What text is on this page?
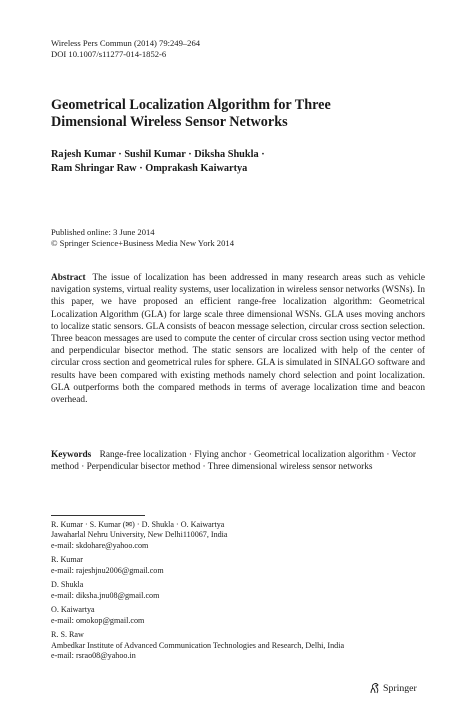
Wireless Pers Commun (2014) 79:249–264
DOI 10.1007/s11277-014-1852-6
Geometrical Localization Algorithm for Three
Dimensional Wireless Sensor Networks
Rajesh Kumar · Sushil Kumar · Diksha Shukla ·
Ram Shringar Raw · Omprakash Kaiwartya
Published online: 3 June 2014
© Springer Science+Business Media New York 2014
Abstract The issue of localization has been addressed in many research areas such as vehicle navigation systems, virtual reality systems, user localization in wireless sensor networks (WSNs). In this paper, we have proposed an efficient range-free localization algorithm: Geometrical Localization Algorithm (GLA) for large scale three dimensional WSNs. GLA uses moving anchors to localize static sensors. GLA consists of beacon message selection, circular cross section selection. Three beacon messages are used to compute the center of circular cross section using vector method and perpendicular bisector method. The static sensors are localized with help of the center of circular cross section and geometrical rules for sphere. GLA is simulated in SINALGO software and results have been compared with existing methods namely chord selection and point localization. GLA outperforms both the compared methods in terms of average localization time and beacon overhead.
Keywords Range-free localization · Flying anchor · Geometrical localization algorithm · Vector method · Perpendicular bisector method · Three dimensional wireless sensor networks
R. Kumar · S. Kumar (✉) · D. Shukla · O. Kaiwartya
Jawaharlal Nehru University, New Delhi110067, India
e-mail: skdohare@yahoo.com
R. Kumar
e-mail: rajeshjnu2006@gmail.com
D. Shukla
e-mail: diksha.jnu08@gmail.com
O. Kaiwartya
e-mail: omokop@gmail.com
R. S. Raw
Ambedkar Institute of Advanced Communication Technologies and Research, Delhi, India
e-mail: rsrao08@yahoo.in
Springer
